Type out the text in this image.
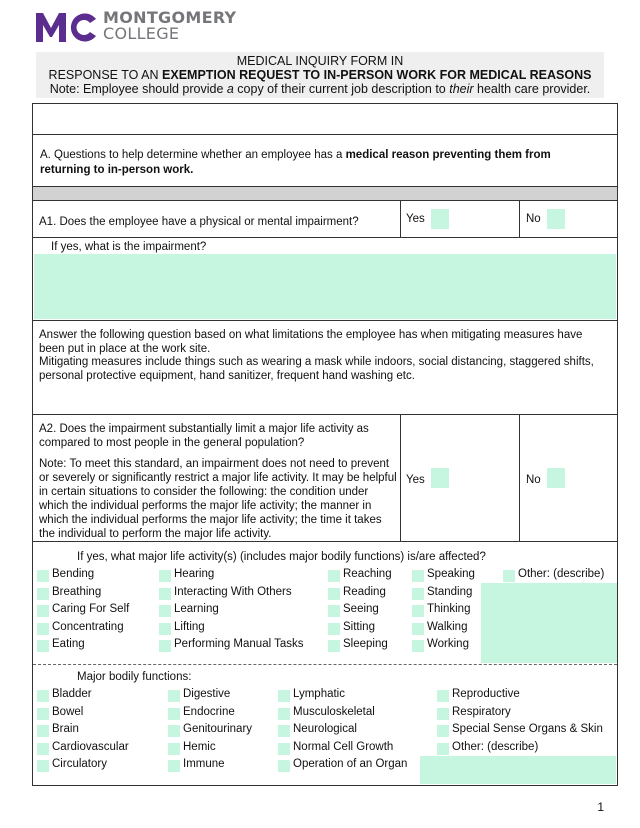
MONTGOMERY
COLLEGE
MEDICAL INQUIRY FORM IN
RESPONSE TO AN EXEMPTION REQUEST TO IN-PERSON WORK FOR MEDICAL REASONS
Note: Employee should provide a copy of their current job description to their health care provider.
A. Questions to help determine whether an employee has a medical reason preventing them from returning to in-person work.
A1. Does the employee have a physical or mental impairment?	Yes	No
If yes, what is the impairment?
Answer the following question based on what limitations the employee has when mitigating measures have been put in place at the work site.
Mitigating measures include things such as wearing a mask while indoors, social distancing, staggered shifts, personal protective equipment, hand sanitizer, frequent hand washing etc.
A2. Does the impairment substantially limit a major life activity as compared to most people in the general population?
Note: To meet this standard, an impairment does not need to prevent or severely or significantly restrict a major life activity. It may be helpful in certain situations to consider the following: the condition under which the individual performs the major life activity; the manner in which the individual performs the major life activity; the time it takes the individual to perform the major life activity.
Yes	No
If yes, what major life activity(s) (includes major bodily functions) is/are affected?
Bending
Breathing
Caring For Self
Concentrating
Eating
Hearing
Interacting With Others
Learning
Lifting
Performing Manual Tasks
Reaching
Reading
Seeing
Sitting
Sleeping
Speaking
Standing
Thinking
Walking
Working
Other: (describe)
Major bodily functions:
Bladder
Bowel
Brain
Cardiovascular
Circulatory
Digestive
Endocrine
Genitourinary
Hemic
Immune
Lymphatic
Musculoskeletal
Neurological
Normal Cell Growth
Operation of an Organ
Reproductive
Respiratory
Special Sense Organs & Skin
Other: (describe)
1
